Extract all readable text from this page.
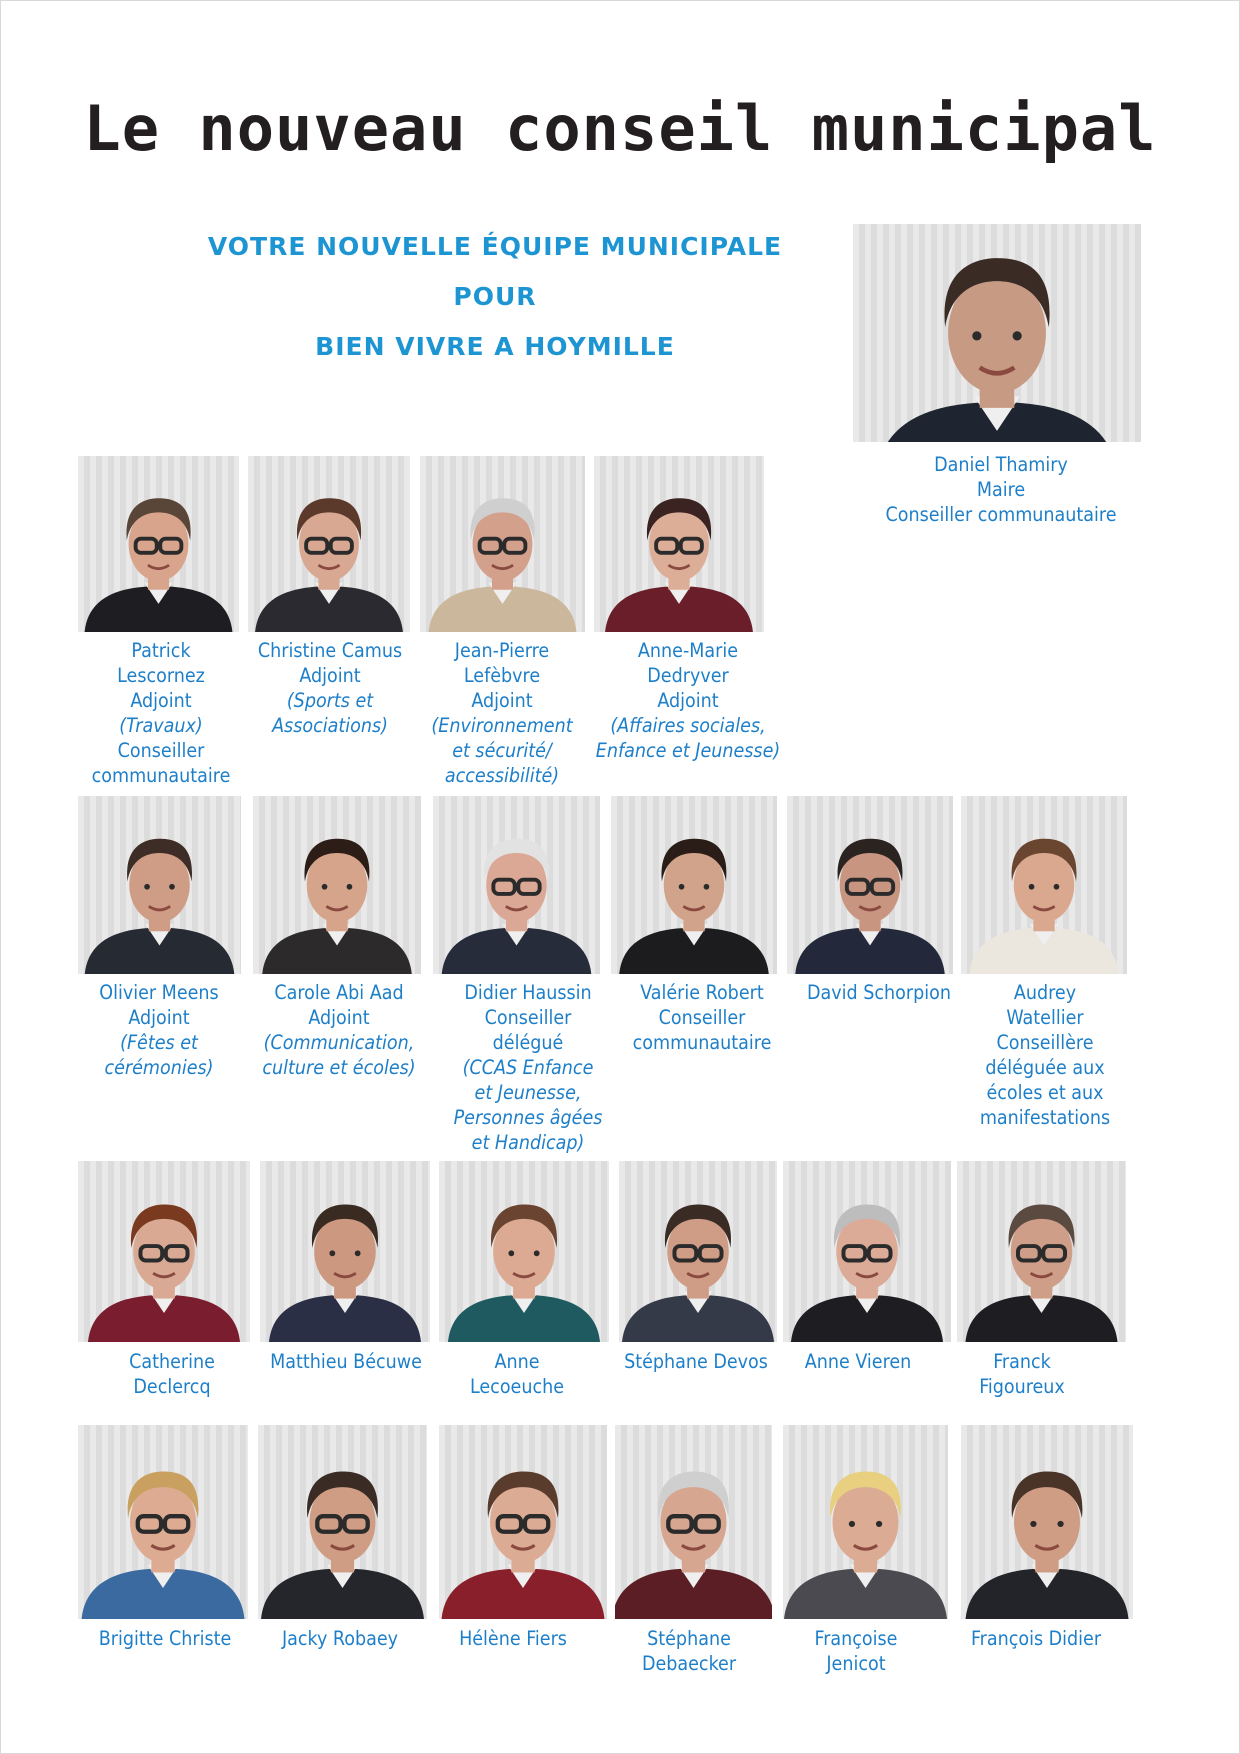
Le nouveau conseil municipal
VOTRE NOUVELLE ÉQUIPE MUNICIPALE
POUR
BIEN VIVRE A HOYMILLE
Daniel Thamiry
Maire
Conseiller communautaire
Patrick
Lescornez
Adjoint
(Travaux)
Conseiller
communautaire
Christine Camus
Adjoint
(Sports et
Associations)
Jean-Pierre
Lefèbvre
Adjoint
(Environnement
et sécurité/
accessibilité)
Anne-Marie
Dedryver
Adjoint
(Affaires sociales,
Enfance et Jeunesse)
Olivier Meens
Adjoint
(Fêtes et
cérémonies)
Carole Abi Aad
Adjoint
(Communication,
culture et écoles)
Didier Haussin
Conseiller
délégué
(CCAS Enfance
et Jeunesse,
Personnes âgées
et Handicap)
Valérie Robert
Conseiller
communautaire
David Schorpion	Audrey
Watellier
Conseillère
déléguée aux
écoles et aux
manifestations
Catherine
Declercq
Matthieu Bécuwe	Anne
Lecoeuche
Stéphane Devos	Anne Vieren	Franck
Figoureux
Brigitte Christe	Jacky Robaey	Hélène Fiers	Stéphane
Debaecker
Françoise
Jenicot
François Didier
